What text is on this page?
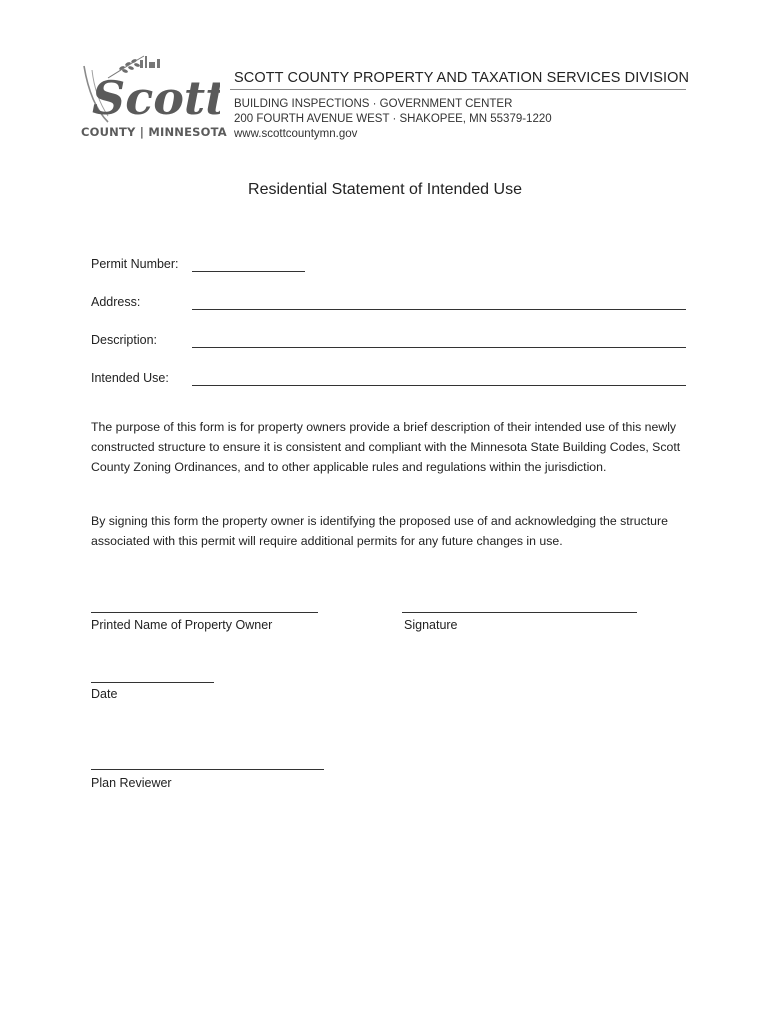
Scott
COUNTY | MINNESOTA
SCOTT COUNTY PROPERTY AND TAXATION SERVICES DIVISION
BUILDING INSPECTIONS · GOVERNMENT CENTER
200 FOURTH AVENUE WEST · SHAKOPEE, MN 55379-1220
www.scottcountymn.gov
Residential Statement of Intended Use
Permit Number:
Address:
Description:
Intended Use:
The purpose of this form is for property owners provide a brief description of their intended use of this newly constructed structure to ensure it is consistent and compliant with the Minnesota State Building Codes, Scott County Zoning Ordinances, and to other applicable rules and regulations within the jurisdiction.
By signing this form the property owner is identifying the proposed use of and acknowledging the structure associated with this permit will require additional permits for any future changes in use.
Printed Name of Property Owner	Signature
Date
Plan Reviewer
